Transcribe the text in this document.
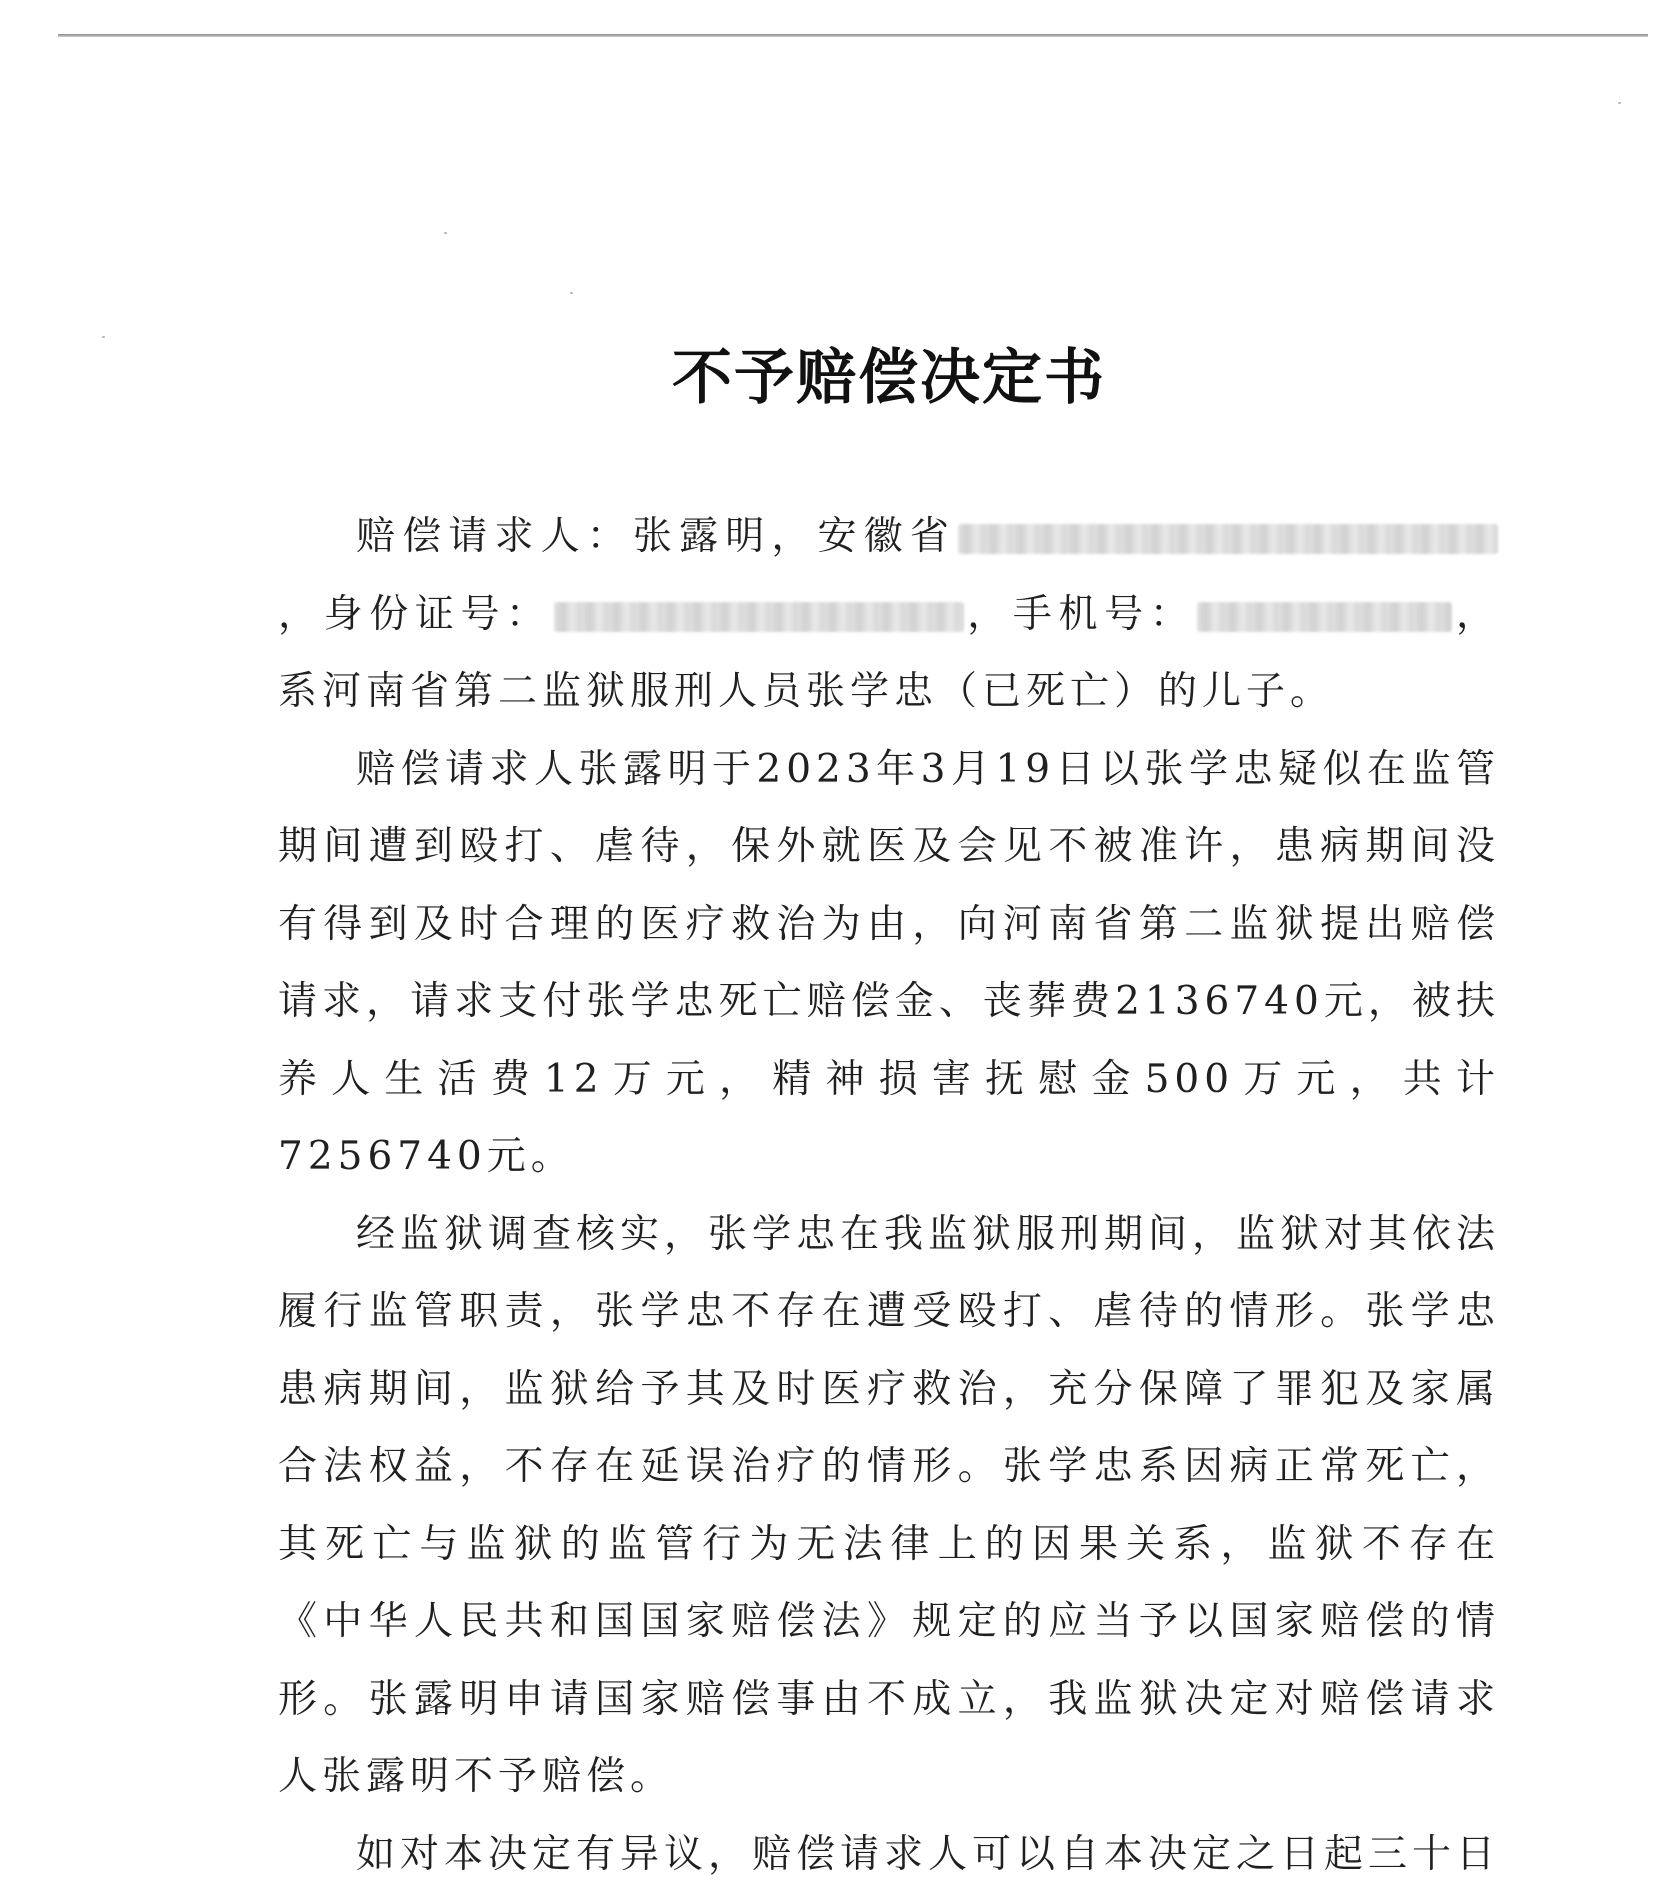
不予赔偿决定书

赔偿请求人：张露明，安徽省，身份证号：	，手机号：	，系河南省第二监狱服刑人员张学忠（已死亡）的儿子。

赔偿请求人张露明于2023年3月19日以张学忠疑似在监管期间遭到殴打、虐待，保外就医及会见不被准许，患病期间没有得到及时合理的医疗救治为由，向河南省第二监狱提出赔偿请求，请求支付张学忠死亡赔偿金、丧葬费2136740元，被扶养人生活费12万元，精神损害抚慰金500万元，共计7256740元。

经监狱调查核实，张学忠在我监狱服刑期间，监狱对其依法履行监管职责，张学忠不存在遭受殴打、虐待的情形。张学忠患病期间，监狱给予其及时医疗救治，充分保障了罪犯及家属合法权益，不存在延误治疗的情形。张学忠系因病正常死亡，其死亡与监狱的监管行为无法律上的因果关系，监狱不存在《中华人民共和国国家赔偿法》规定的应当予以国家赔偿的情形。张露明申请国家赔偿事由不成立，我监狱决定对赔偿请求人张露明不予赔偿。

如对本决定有异议，赔偿请求人可以自本决定之日起三十日
